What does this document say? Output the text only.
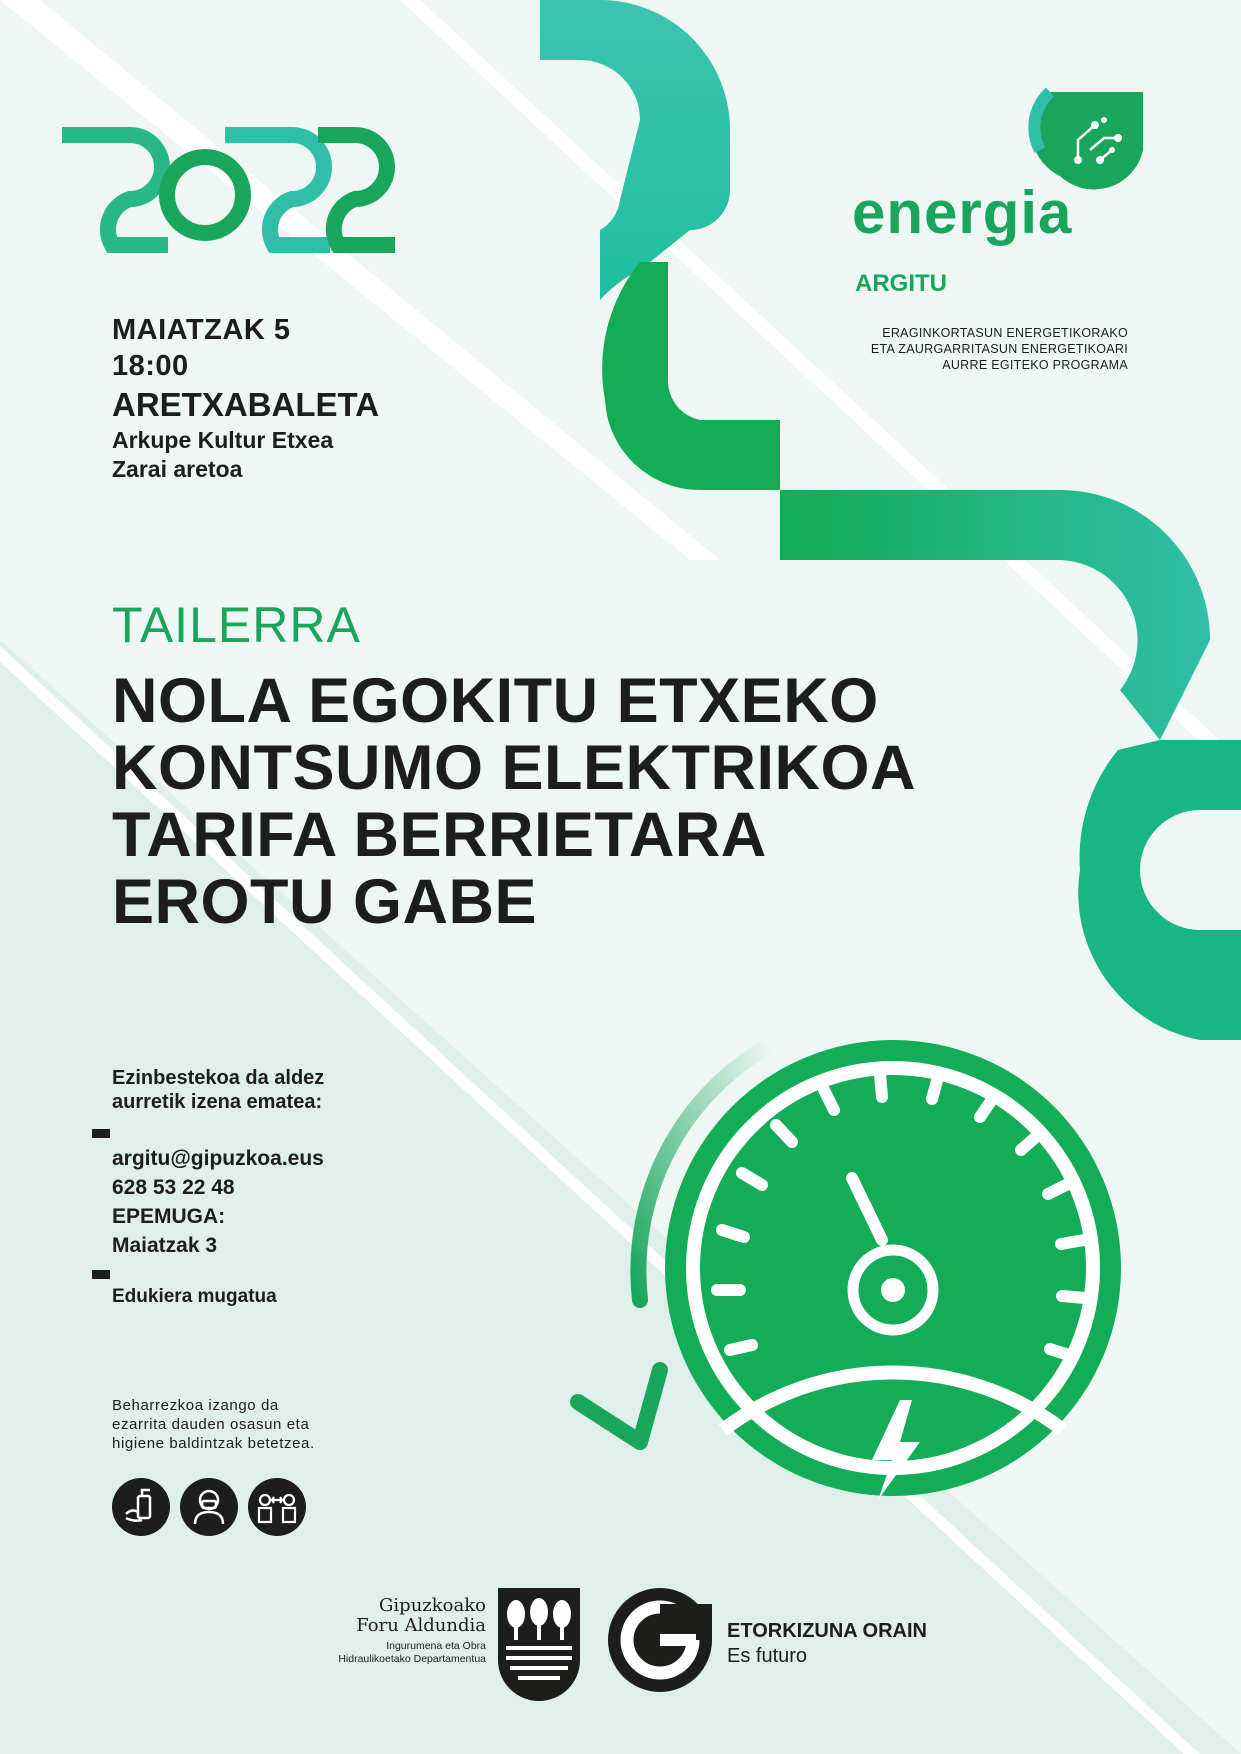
energia
ARGITU
ERAGINKORTASUN ENERGETIKORAKO
ETA ZAURGARRITASUN ENERGETIKOARI
AURRE EGITEKO PROGRAMA
MAIATZAK 5
18:00
ARETXABALETA
Arkupe Kultur Etxea
Zarai aretoa
TAILERRA
NOLA EGOKITU ETXEKO
KONTSUMO ELEKTRIKOA
TARIFA BERRIETARA
EROTU GABE
Ezinbestekoa da aldez
aurretik izena ematea:
argitu@gipuzkoa.eus
628 53 22 48
EPEMUGA:
Maiatzak 3
Edukiera mugatua
Beharrezkoa izango da
ezarrita dauden osasun eta
higiene baldintzak betetzea.
Gipuzkoako
Foru Aldundia
Ingurumena eta Obra
Hidraulikoetako Departamentua
ETORKIZUNA ORAIN
Es futuro
